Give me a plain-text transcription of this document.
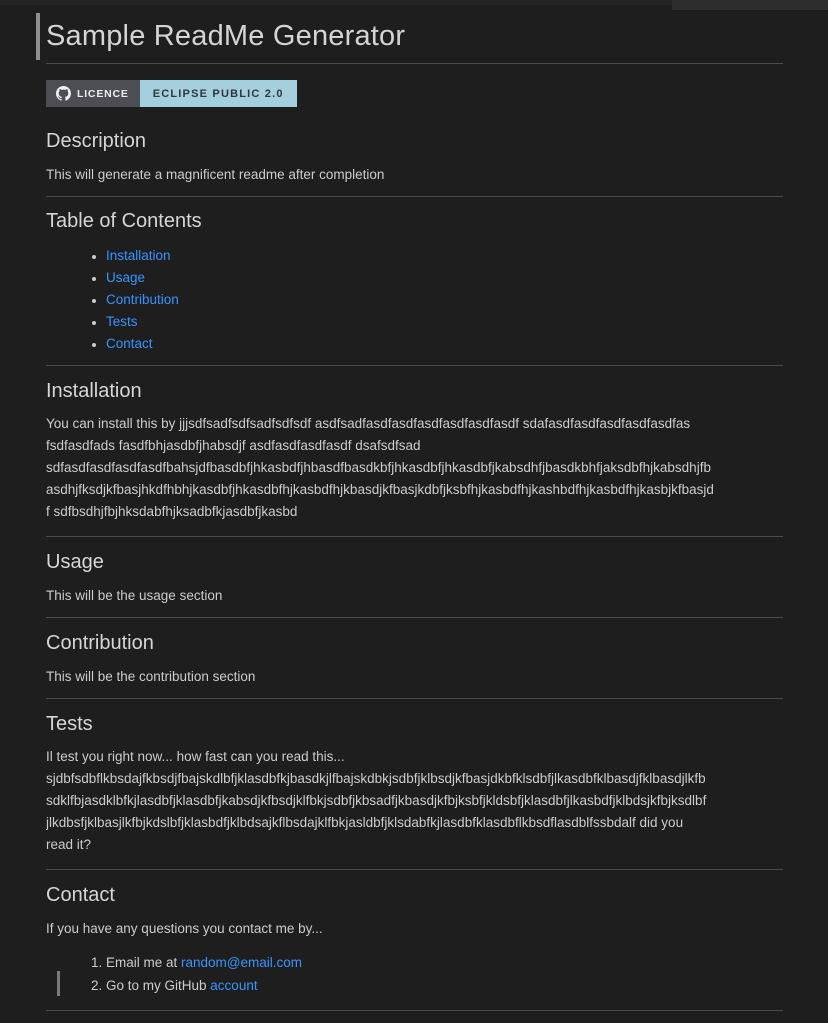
Sample ReadMe Generator
LICENCE	ECLIPSE PUBLIC 2.0
Description

This will generate a magnificent readme after completion

Table of Contents
• Installation
• Usage
• Contribution
• Tests
• Contact
Installation
You can install this by jjjsdfsadfsdfsadfsdfsdf asdfsadfasdfasdfasdfasdfasdfasdf sdafasdfasdfasdfasdfasdfas
fsdfasdfads fasdfbhjasdbfjhabsdjf asdfasdfasdfasdf dsafsdfsad
sdfasdfasdfasdfasdfbahsjdfbasdbfjhkasbdfjhbasdfbasdkbfjhkasdbfjhkasdbfjkabsdhfjbasdkbhfjaksdbfhjkabsdhjfb
asdhjfksdjkfbasjhkdfhbhjkasdbfjhkasdbfhjkasbdfhjkbasdjkfbasjkdbfjksbfhjkasbdfhjkashbdfhjkasbdfhjkasbjkfbasjd
f sdfbsdhjfbjhksdabfhjksadbfkjasdbfjkasbd
Usage

This will be the usage section

Contribution

This will be the contribution section

Tests
Il test you right now... how fast can you read this...
sjdbfsdbflkbsdajfkbsdjfbajskdlbfjklasdbfkjbasdkjlfbajskdbkjsdbfjklbsdjkfbasjdkbfklsdbfjlkasdbfklbasdjfklbasdjlkfb
sdklfbjasdklbfkjlasdbfjklasdbfjkabsdjkfbsdjklfbkjsdbfjkbsadfjkbasdjkfbjksbfjkldsbfjklasdbfjlkasbdfjklbdsjkfbjksdlbf
jlkdbsfjklbasjlkfbjkdslbfjklasbdfjklbdsajkflbsdajklfbkjasldbfjklsdabfkjlasdbfklasdbflkbsdflasdblfssbdalf did you
read it?
Contact

If you have any questions you contact me by...

1. Email me at random@email.com
2. Go to my GitHub account
